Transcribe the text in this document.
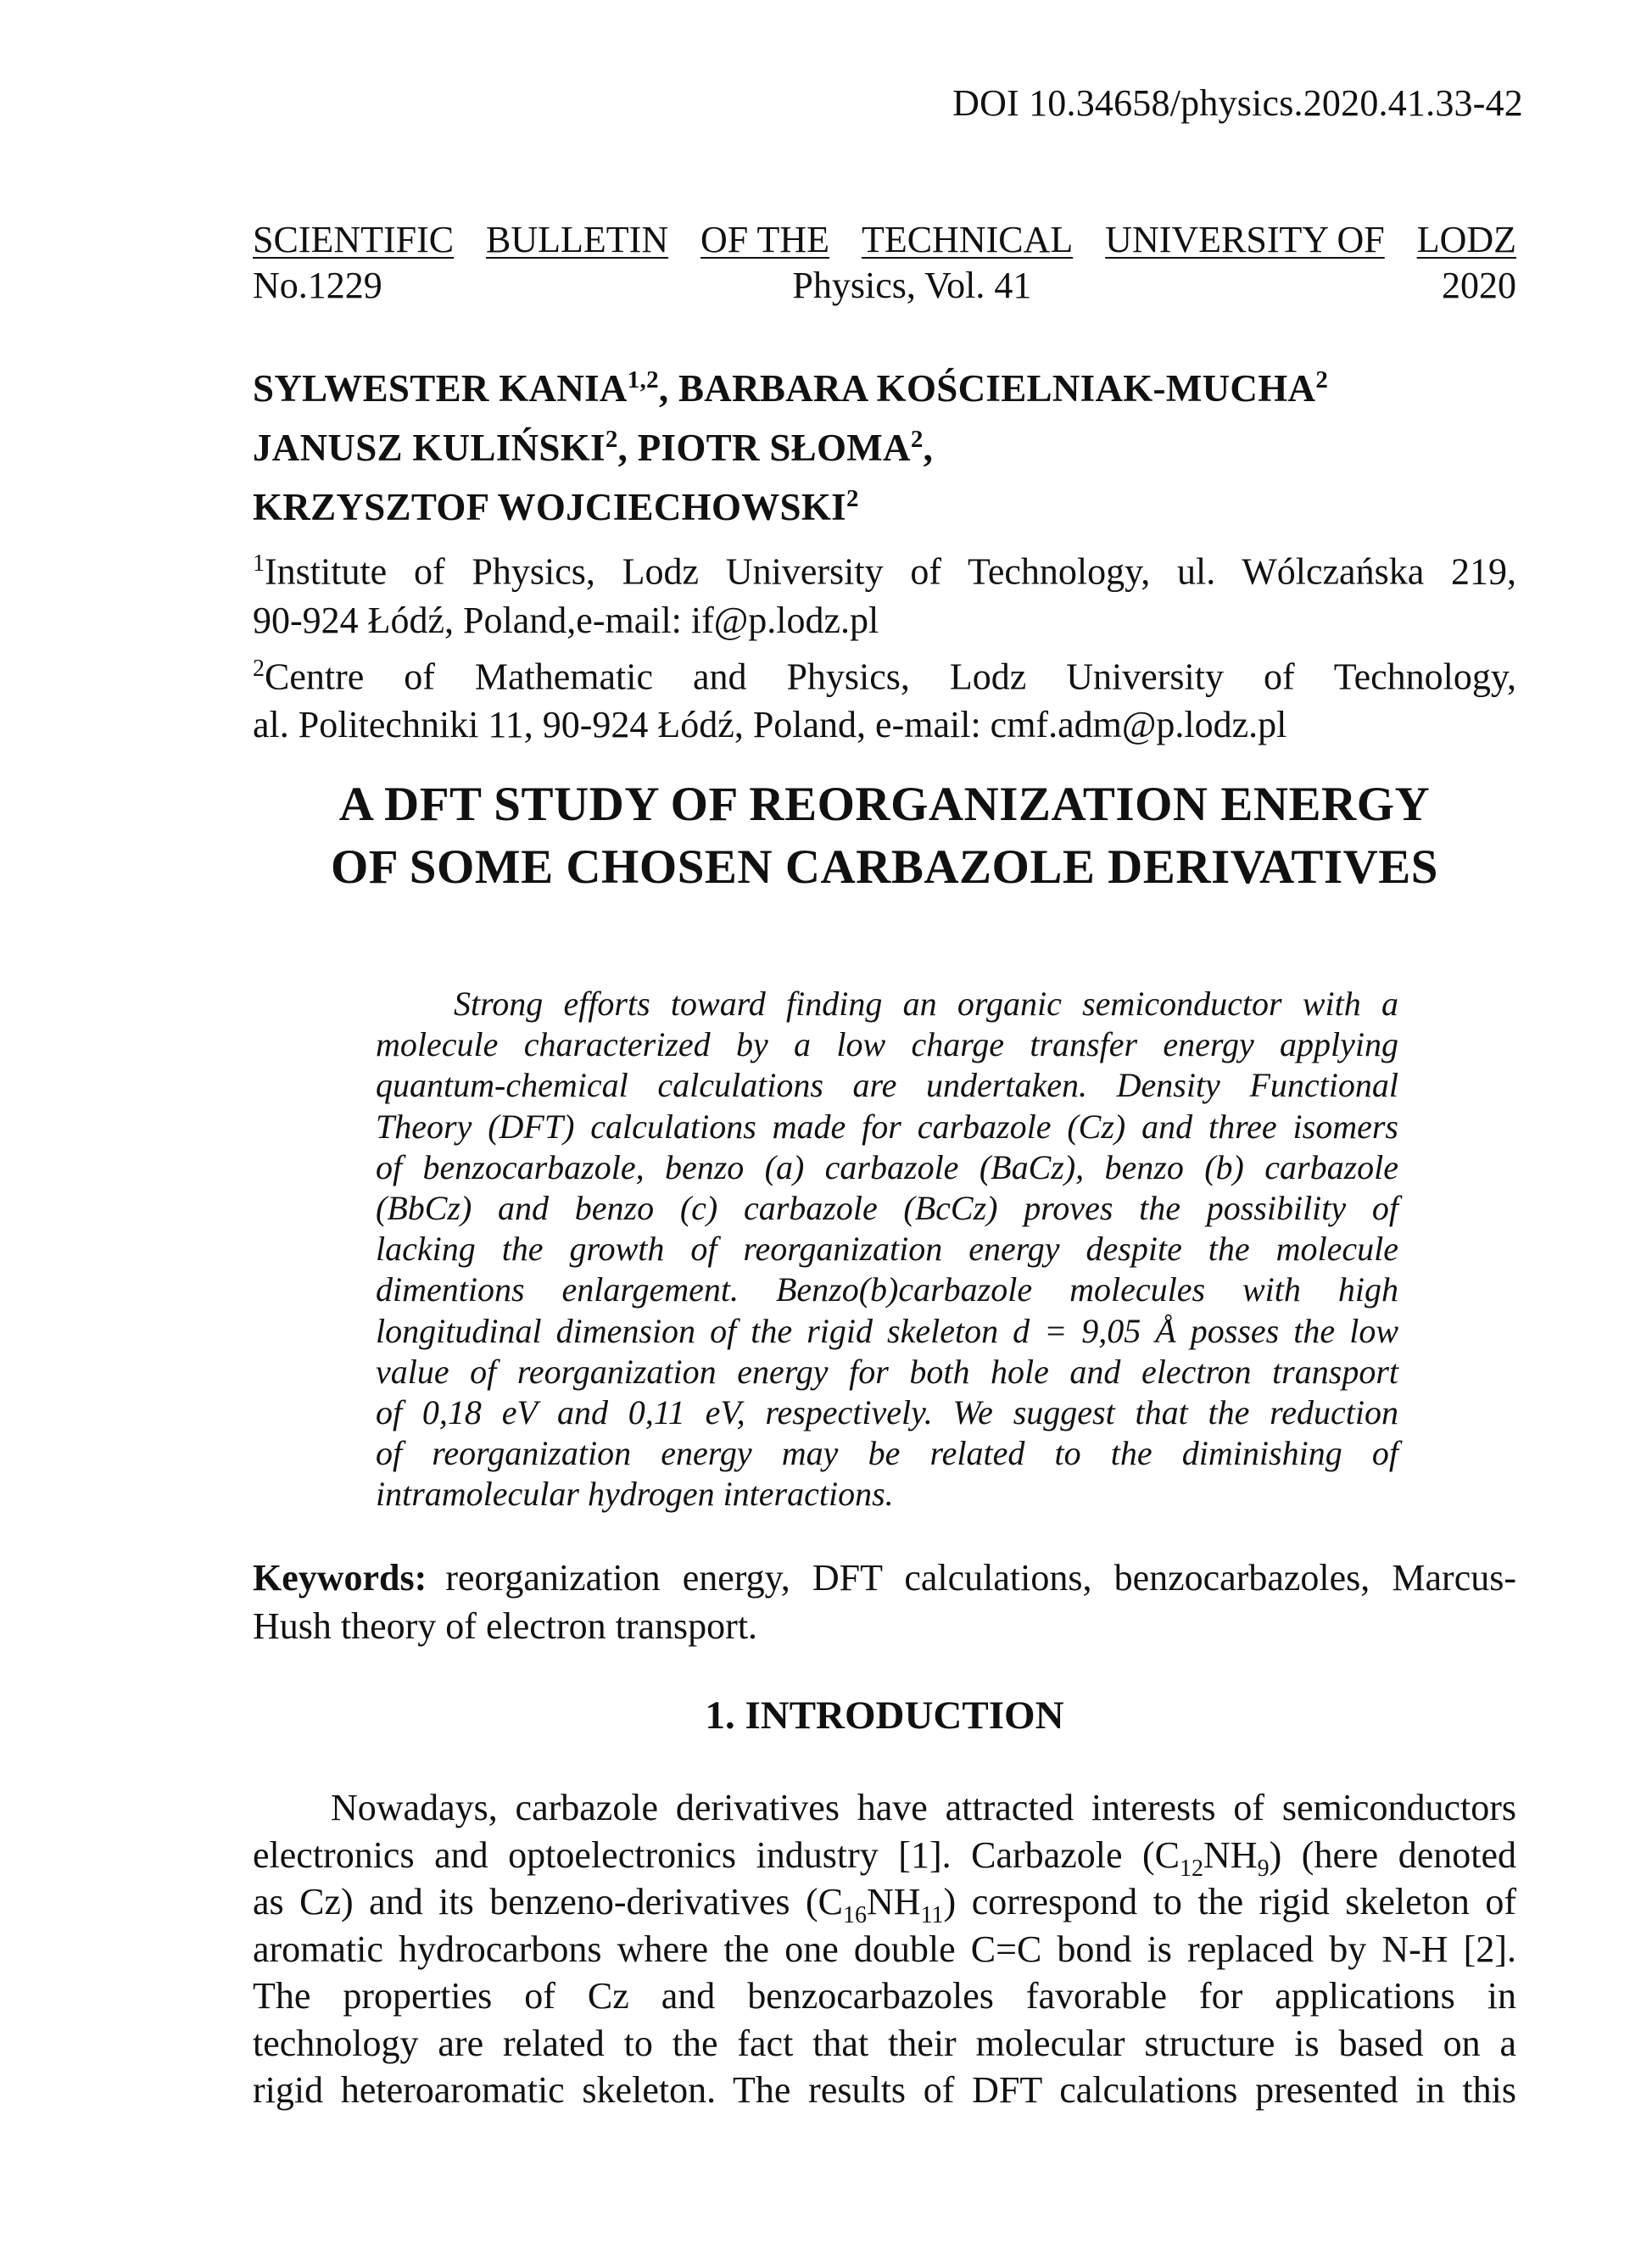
DOI 10.34658/physics.2020.41.33-42
SCIENTIFIC BULLETIN OF THE TECHNICAL UNIVERSITY OF LODZ
No.1229	Physics, Vol. 41	2020
SYLWESTER KANIA$^{1,2}$, BARBARA KOŚCIELNIAK-MUCHA$^2$
JANUSZ KULIŃSKI$^2$, PIOTR SŁOMA$^2$,
KRZYSZTOF WOJCIECHOWSKI$^2$

$^1$Institute of Physics, Lodz University of Technology, ul. Wólczańska 219,

90-924 Łódź, Poland,e-mail: if@p.lodz.pl

$^2$Centre of Mathematic and Physics, Lodz University of Technology,

al. Politechniki 11, 90-924 Łódź, Poland, e-mail: cmf.adm@p.lodz.pl

A DFT STUDY OF REORGANIZATION ENERGY
OF SOME CHOSEN CARBAZOLE DERIVATIVES
Strong efforts toward finding an organic semiconductor with a
molecule characterized by a low charge transfer energy applying
quantum-chemical calculations are undertaken. Density Functional
Theory (DFT) calculations made for carbazole (Cz) and three isomers
of benzocarbazole, benzo (a) carbazole (BaCz), benzo (b) carbazole
(BbCz) and benzo (c) carbazole (BcCz) proves the possibility of
lacking the growth of reorganization energy despite the molecule
dimentions enlargement. Benzo(b)carbazole molecules with high
longitudinal dimension of the rigid skeleton d = 9,05 Å posses the low
value of reorganization energy for both hole and electron transport
of 0,18 eV and 0,11 eV, respectively. We suggest that the reduction
of reorganization energy may be related to the diminishing of
intramolecular hydrogen interactions.
Keywords: reorganization energy, DFT calculations, benzocarbazoles, Marcus-
Hush theory of electron transport.
1. INTRODUCTION
Nowadays, carbazole derivatives have attracted interests of semiconductors
electronics and optoelectronics industry [1]. Carbazole $(C_{12}NH_9)$ (here denoted
as Cz) and its benzeno-derivatives $(C_{16}NH_{11})$ correspond to the rigid skeleton of
aromatic hydrocarbons where the one double C=C bond is replaced by N-H [2].
The properties of Cz and benzocarbazoles favorable for applications in
technology are related to the fact that their molecular structure is based on a
rigid heteroaromatic skeleton. The results of DFT calculations presented in this
